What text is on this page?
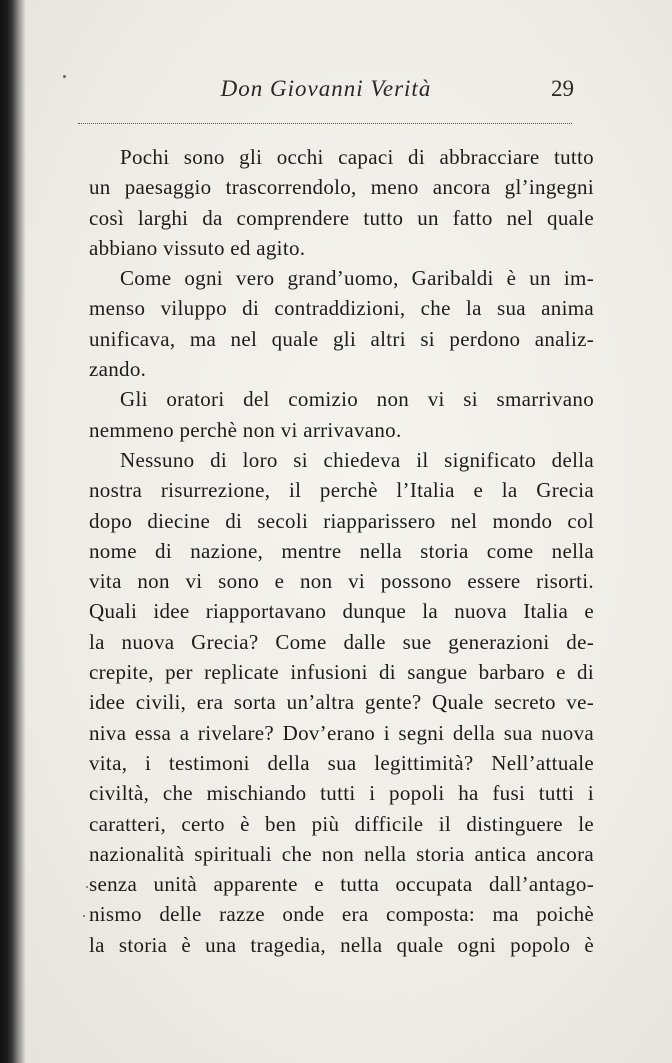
Don Giovanni Verità	29
Pochi sono gli occhi capaci di abbracciare tutto
un paesaggio trascorrendolo, meno ancora gl’ingegni
così larghi da comprendere tutto un fatto nel quale
abbiano vissuto ed agito.
Come ogni vero grand’uomo, Garibaldi è un im-
menso viluppo di contraddizioni, che la sua anima
unificava, ma nel quale gli altri si perdono analiz-
zando.
Gli oratori del comizio non vi si smarrivano
nemmeno perchè non vi arrivavano.
Nessuno di loro si chiedeva il significato della
nostra risurrezione, il perchè l’Italia e la Grecia
dopo diecine di secoli riapparissero nel mondo col
nome di nazione, mentre nella storia come nella
vita non vi sono e non vi possono essere risorti.
Quali idee riapportavano dunque la nuova Italia e
la nuova Grecia? Come dalle sue generazioni de-
crepite, per replicate infusioni di sangue barbaro e di
idee civili, era sorta un’altra gente? Quale secreto ve-
niva essa a rivelare? Dov’erano i segni della sua nuova
vita, i testimoni della sua legittimità? Nell’attuale
civiltà, che mischiando tutti i popoli ha fusi tutti i
caratteri, certo è ben più difficile il distinguere le
nazionalità spirituali che non nella storia antica ancora
senza unità apparente e tutta occupata dall’antago-
nismo delle razze onde era composta: ma poichè
la storia è una tragedia, nella quale ogni popolo è
